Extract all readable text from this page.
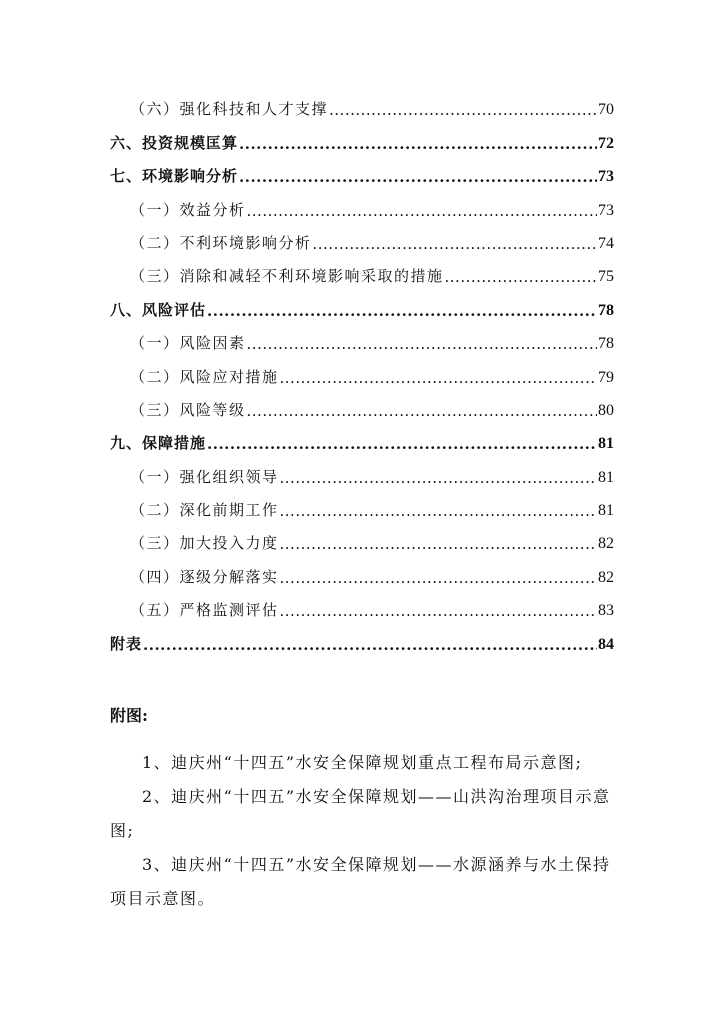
（六）强化科技和人才支撑 .....	70
六、投资规模匡算 .....	72
七、环境影响分析 .....	73
（一）效益分析 .....	73
（二）不利环境影响分析 .....	74
（三）消除和减轻不利环境影响采取的措施 .....	75
八、风险评估 .....	78
（一）风险因素 .....	78
（二）风险应对措施 .....	79
（三）风险等级 .....	80
九、保障措施 .....	81
（一）强化组织领导 .....	81
（二）深化前期工作 .....	81
（三）加大投入力度 .....	82
（四）逐级分解落实 .....	82
（五）严格监测评估 .....	83
附表 .....	84
附图:

1、迪庆州“十四五”水安全保障规划重点工程布局示意图;

2、迪庆州“十四五”水安全保障规划——山洪沟治理项目示意图;

3、迪庆州“十四五”水安全保障规划——水源涵养与水土保持项目示意图。
